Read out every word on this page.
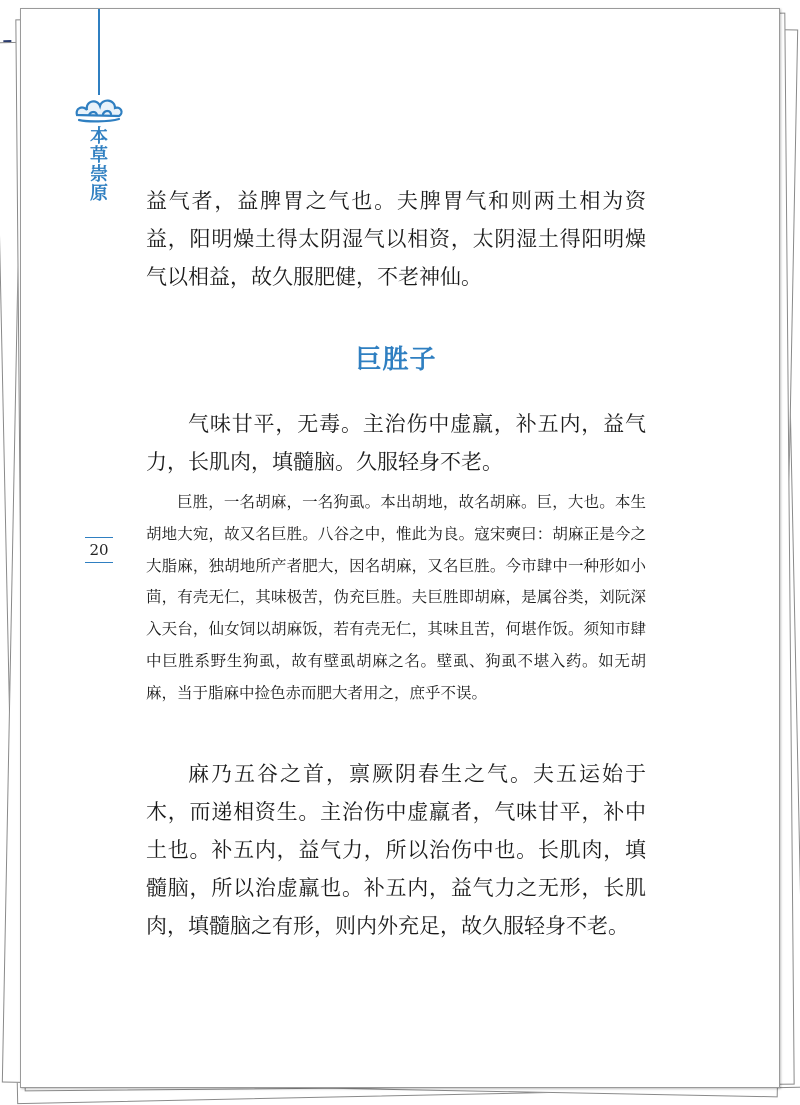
本草崇原
20

益气者，益脾胃之气也。夫脾胃气和则两土相为资益，阳明燥土得太阴湿气以相资，太阴湿土得阳明燥气以相益，故久服肥健，不老神仙。

巨胜子

气味甘平，无毒。主治伤中虚羸，补五内，益气力，长肌肉，填髓脑。久服轻身不老。

巨胜，一名胡麻，一名狗虱。本出胡地，故名胡麻。巨，大也。本生胡地大宛，故又名巨胜。八谷之中，惟此为良。寇宋奭曰：胡麻正是今之大脂麻，独胡地所产者肥大，因名胡麻，又名巨胜。今市肆中一种形如小茴，有壳无仁，其味极苦，伪充巨胜。夫巨胜即胡麻，是属谷类，刘阮深入天台，仙女饲以胡麻饭，若有壳无仁，其味且苦，何堪作饭。须知市肆中巨胜系野生狗虱，故有壁虱胡麻之名。壁虱、狗虱不堪入药。如无胡麻，当于脂麻中捡色赤而肥大者用之，庶乎不误。

麻乃五谷之首，禀厥阴春生之气。夫五运始于木，而递相资生。主治伤中虚羸者，气味甘平，补中土也。补五内，益气力，所以治伤中也。长肌肉，填髓脑，所以治虚羸也。补五内，益气力之无形，长肌肉，填髓脑之有形，则内外充足，故久服轻身不老。
